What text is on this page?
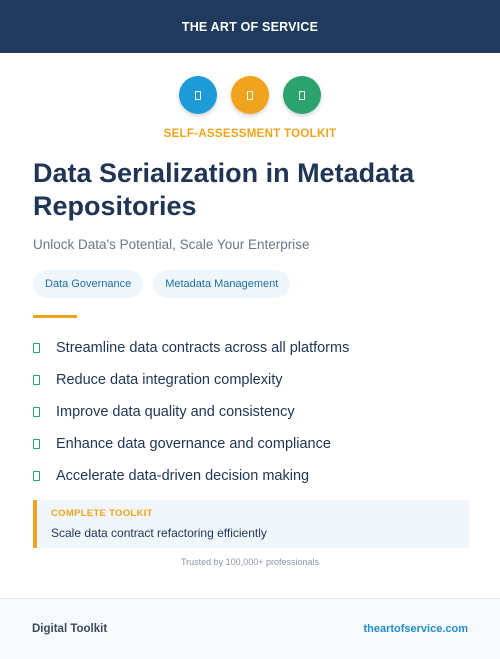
THE ART OF SERVICE
SELF-ASSESSMENT TOOLKIT
Data Serialization in Metadata Repositories

Unlock Data's Potential, Scale Your Enterprise

Data Governance	Metadata Management
Streamline data contracts across all platforms
Reduce data integration complexity
Improve data quality and consistency
Enhance data governance and compliance
Accelerate data-driven decision making
COMPLETE TOOLKIT
Scale data contract refactoring efficiently
Trusted by 100,000+ professionals
Digital Toolkit	theartofservice.com
